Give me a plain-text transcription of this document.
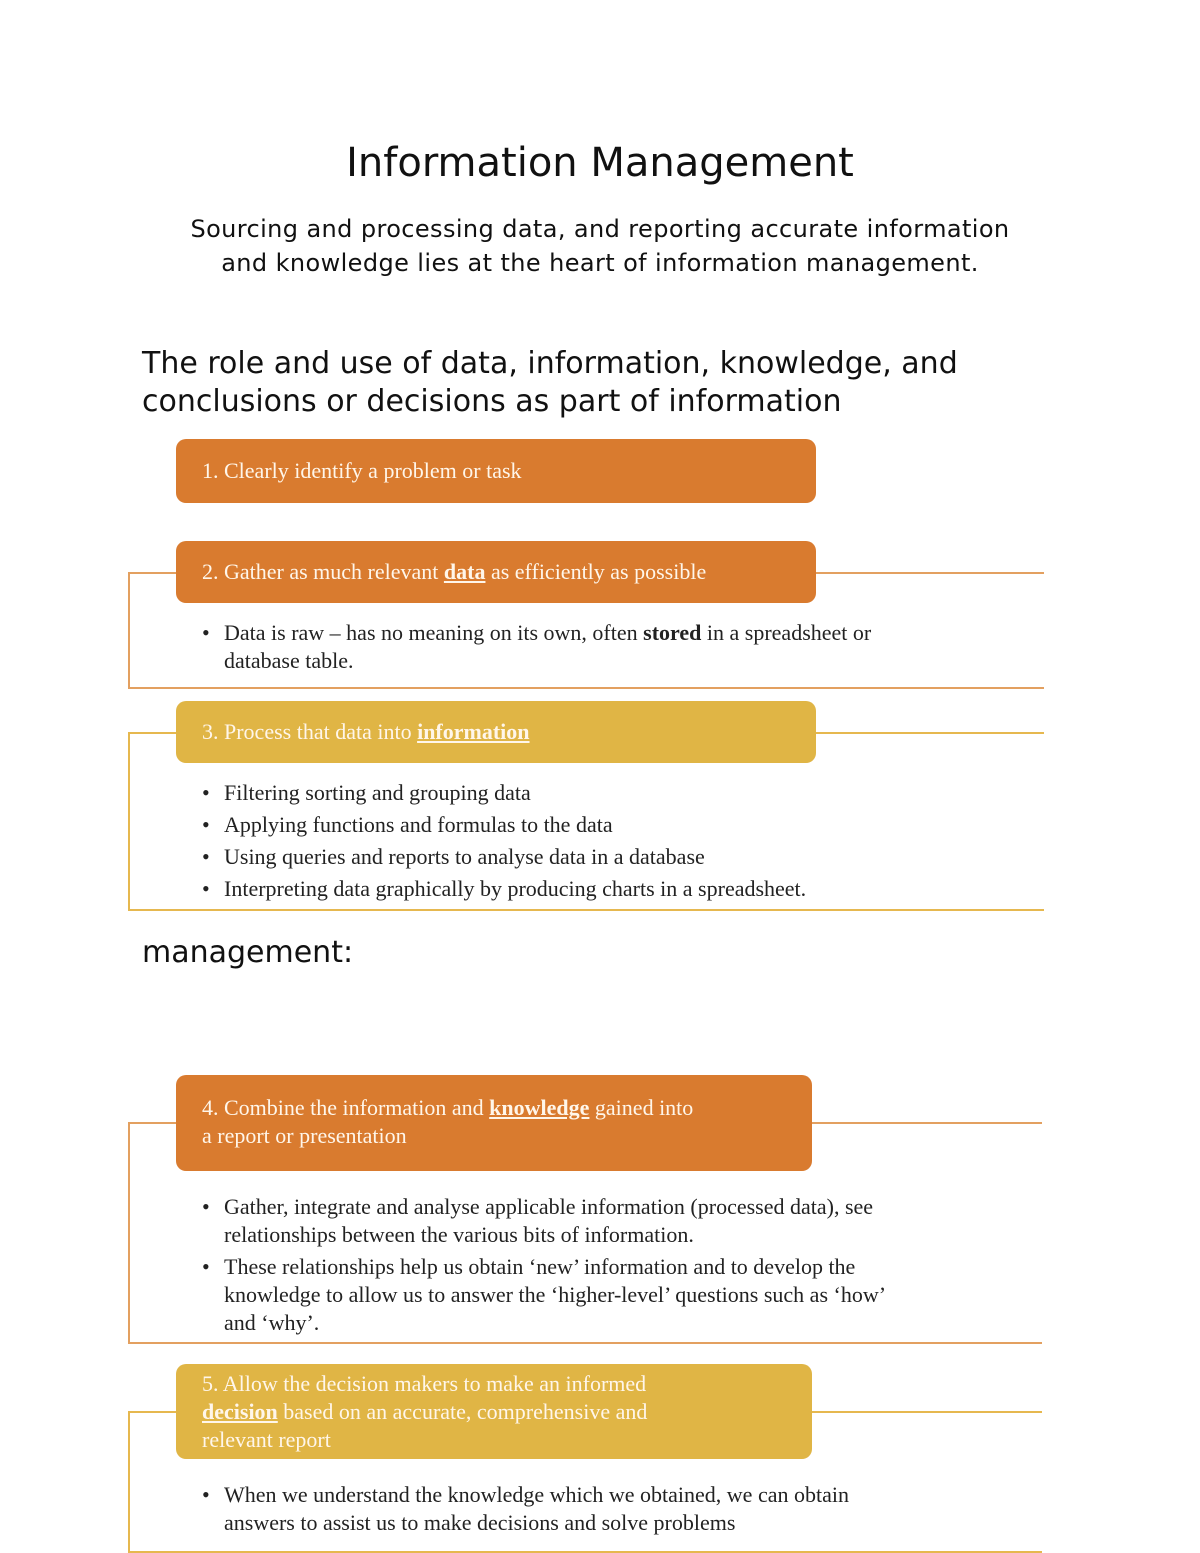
Information Management
Sourcing and processing data, and reporting accurate information
and knowledge lies at the heart of information management.
The role and use of data, information, knowledge, and
conclusions or decisions as part of information
1. Clearly identify a problem or task
2. Gather as much relevant data as efficiently as possible
• Data is raw – has no meaning on its own, often stored in a spreadsheet or
database table.
3. Process that data into information
• Filtering sorting and grouping data
• Applying functions and formulas to the data
• Using queries and reports to analyse data in a database
• Interpreting data graphically by producing charts in a spreadsheet.
management:
4. Combine the information and knowledge gained into
a report or presentation
• Gather, integrate and analyse applicable information (processed data), see
relationships between the various bits of information.
• These relationships help us obtain ‘new’ information and to develop the
knowledge to allow us to answer the ‘higher-level’ questions such as ‘how’
and ‘why’.
5. Allow the decision makers to make an informed
decision based on an accurate, comprehensive and
relevant report
• When we understand the knowledge which we obtained, we can obtain
answers to assist us to make decisions and solve problems
